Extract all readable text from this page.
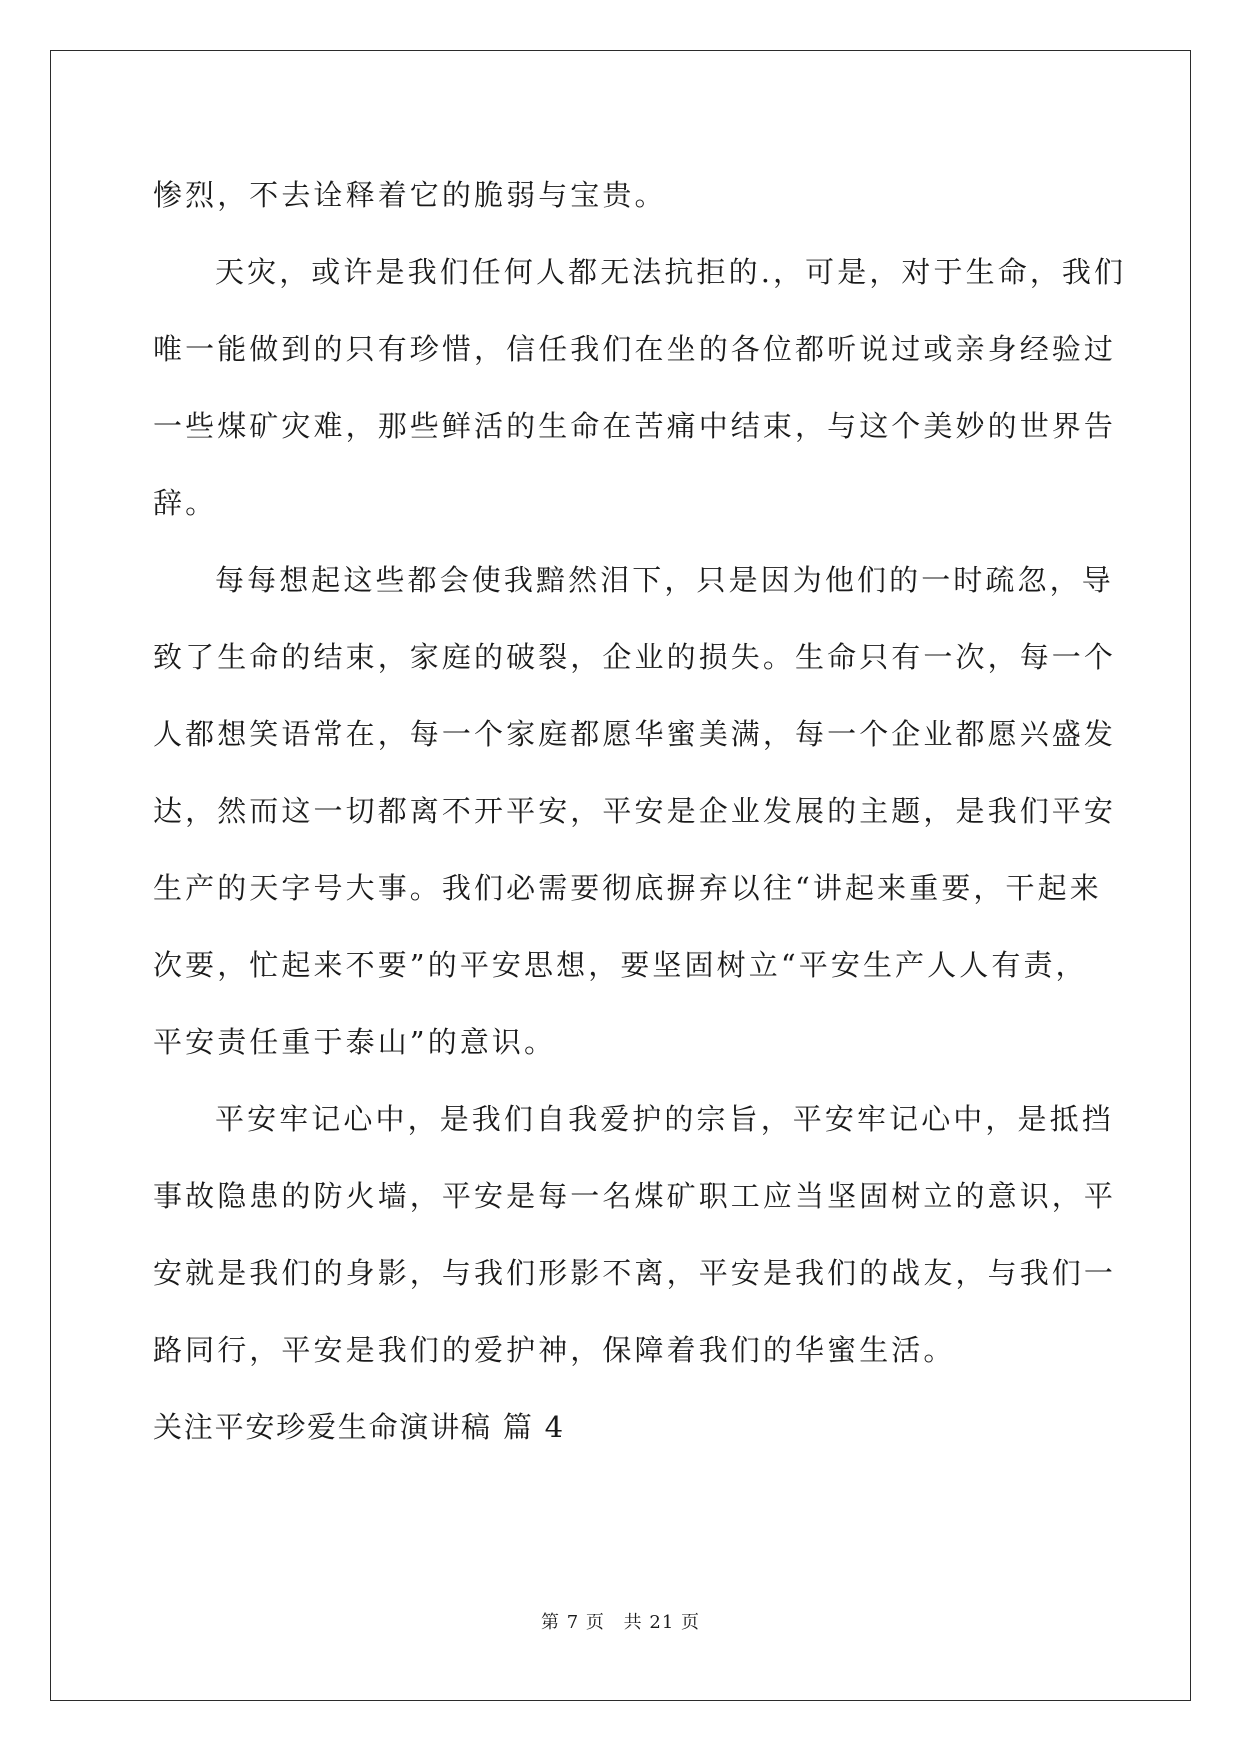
惨烈，不去诠释着它的脆弱与宝贵。
天灾，或许是我们任何人都无法抗拒的.，可是，对于生命，我们
唯一能做到的只有珍惜，信任我们在坐的各位都听说过或亲身经验过
一些煤矿灾难，那些鲜活的生命在苦痛中结束，与这个美妙的世界告
辞。
每每想起这些都会使我黯然泪下，只是因为他们的一时疏忽，导
致了生命的结束，家庭的破裂，企业的损失。生命只有一次，每一个
人都想笑语常在，每一个家庭都愿华蜜美满，每一个企业都愿兴盛发
达，然而这一切都离不开平安，平安是企业发展的主题，是我们平安
生产的天字号大事。我们必需要彻底摒弃以往“讲起来重要，干起来
次要，忙起来不要”的平安思想，要坚固树立“平安生产人人有责，
平安责任重于泰山”的意识。
平安牢记心中，是我们自我爱护的宗旨，平安牢记心中，是抵挡
事故隐患的防火墙，平安是每一名煤矿职工应当坚固树立的意识，平
安就是我们的身影，与我们形影不离，平安是我们的战友，与我们一
路同行，平安是我们的爱护神，保障着我们的华蜜生活。
关注平安珍爱生命演讲稿 篇 4
第 7 页 共 21 页
